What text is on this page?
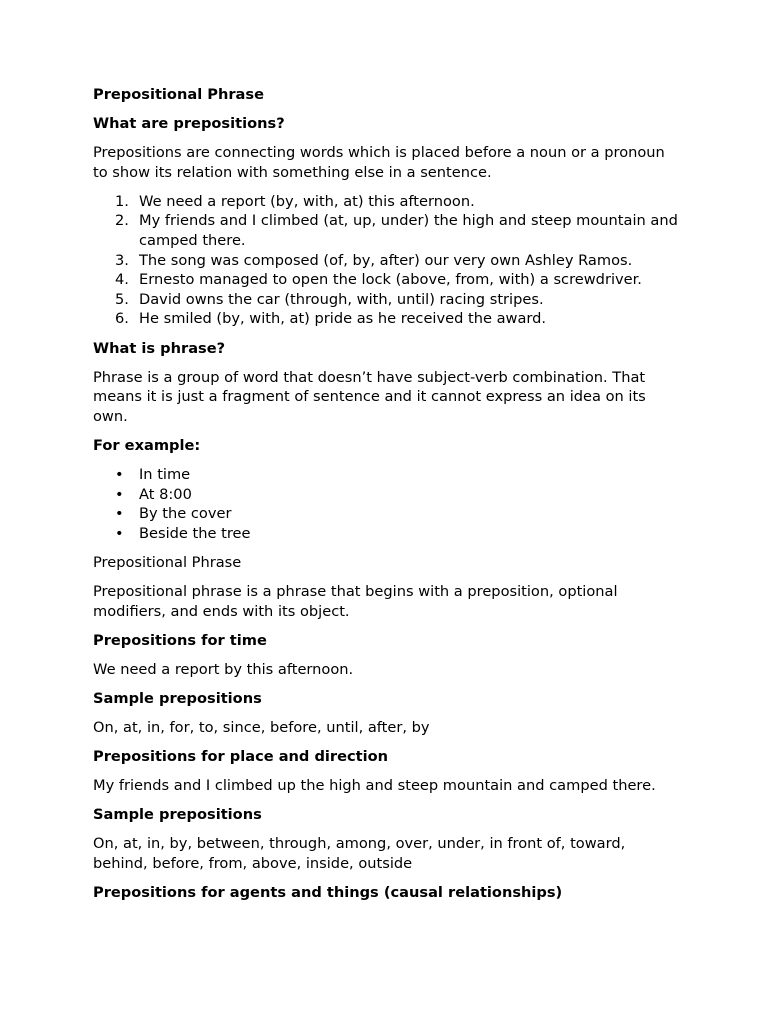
Prepositional Phrase
What are prepositions?
Prepositions are connecting words which is placed before a noun or a pronoun to show its relation with something else in a sentence.
1. We need a report (by, with, at) this afternoon.
2. My friends and I climbed (at, up, under) the high and steep mountain and camped there.
3. The song was composed (of, by, after) our very own Ashley Ramos.
4. Ernesto managed to open the lock (above, from, with) a screwdriver.
5. David owns the car (through, with, until) racing stripes.
6. He smiled (by, with, at) pride as he received the award.
What is phrase?
Phrase is a group of word that doesn’t have subject-verb combination. That means it is just a fragment of sentence and it cannot express an idea on its own.
For example:
• In time
• At 8:00
• By the cover
• Beside the tree
Prepositional Phrase
Prepositional phrase is a phrase that begins with a preposition, optional modifiers, and ends with its object.
Prepositions for time
We need a report by this afternoon.
Sample prepositions
On, at, in, for, to, since, before, until, after, by
Prepositions for place and direction
My friends and I climbed up the high and steep mountain and camped there.
Sample prepositions
On, at, in, by, between, through, among, over, under, in front of, toward, behind, before, from, above, inside, outside
Prepositions for agents and things (causal relationships)
